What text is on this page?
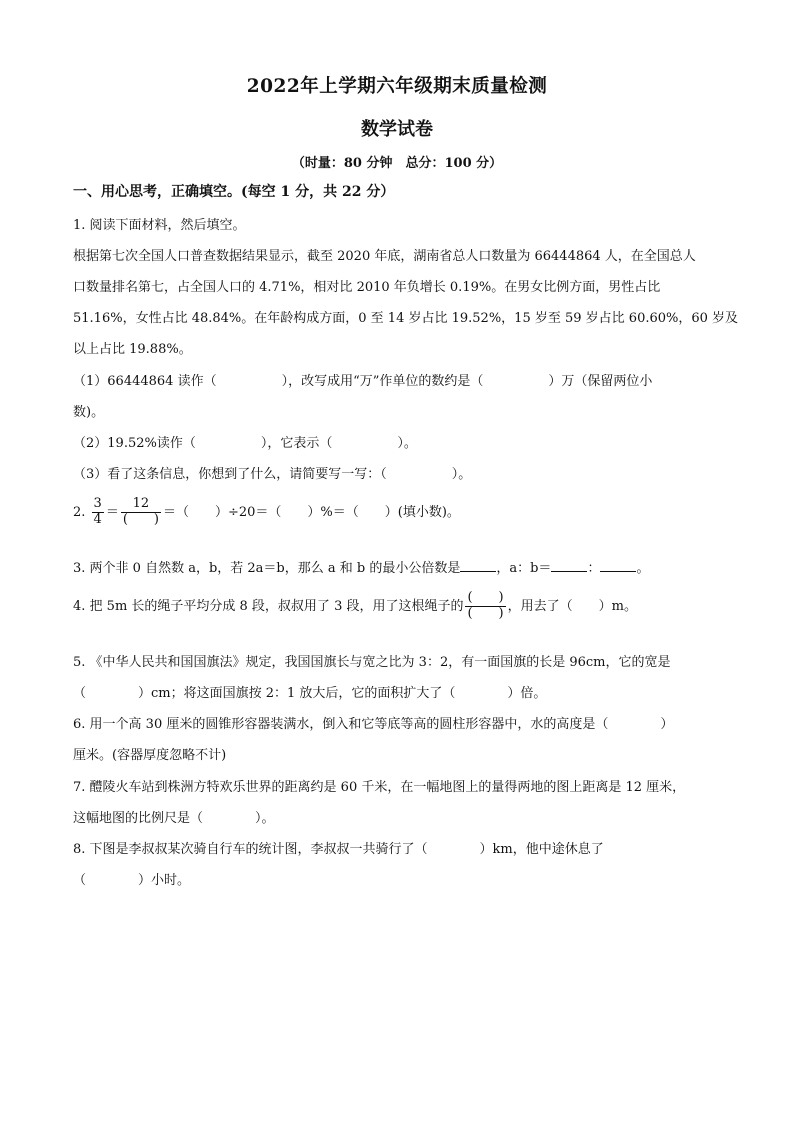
2022年上学期六年级期末质量检测
数学试卷
（时量：80 分钟　总分：100 分）
一、用心思考，正确填空。(每空 1 分，共 22 分）
1. 阅读下面材料，然后填空。
根据第七次全国人口普查数据结果显示，截至 2020 年底，湖南省总人口数量为 66444864 人，在全国总人
口数量排名第七，占全国人口的 4.71%，相对比 2010 年负增长 0.19%。在男女比例方面，男性占比
51.16%，女性占比 48.84%。在年龄构成方面，0 至 14 岁占比 19.52%，15 岁至 59 岁占比 60.60%，60 岁及
以上占比 19.88%。
（1）66444864 读作（　　　　　），改写成用“万”作单位的数约是（　　　　　）万（保留两位小
数)。
（2）19.52%读作（　　　　　），它表示（　　　　　）。
（3）看了这条信息，你想到了什么，请简要写一写：（　　　　　）。
2. $\frac{3}{4} = \frac{12}{( )}$ ＝（　　）÷20＝（　　）%＝（　　）(填小数)。
3. 两个非 0 自然数 a，b，若 2a＝b，那么 a 和 b 的最小公倍数是	，a：b＝	：	。
4. 把 5m 长的绳子平均分成 8 段，叔叔用了 3 段，用了这根绳子的 $\frac{( )}{( )}$ ，用去了（　　）m。
5. 《中华人民共和国国旗法》规定，我国国旗长与宽之比为 3：2，有一面国旗的长是 96cm，它的宽是
（　　　　）cm；将这面国旗按 2：1 放大后，它的面积扩大了（　　　　）倍。
6. 用一个高 30 厘米的圆锥形容器装满水，倒入和它等底等高的圆柱形容器中，水的高度是（　　　　）
厘米。(容器厚度忽略不计)
7. 醴陵火车站到株洲方特欢乐世界的距离约是 60 千米，在一幅地图上的量得两地的图上距离是 12 厘米，
这幅地图的比例尺是（　　　　）。
8. 下图是李叔叔某次骑自行车的统计图，李叔叔一共骑行了（　　　　）km，他中途休息了
（　　　　）小时。
